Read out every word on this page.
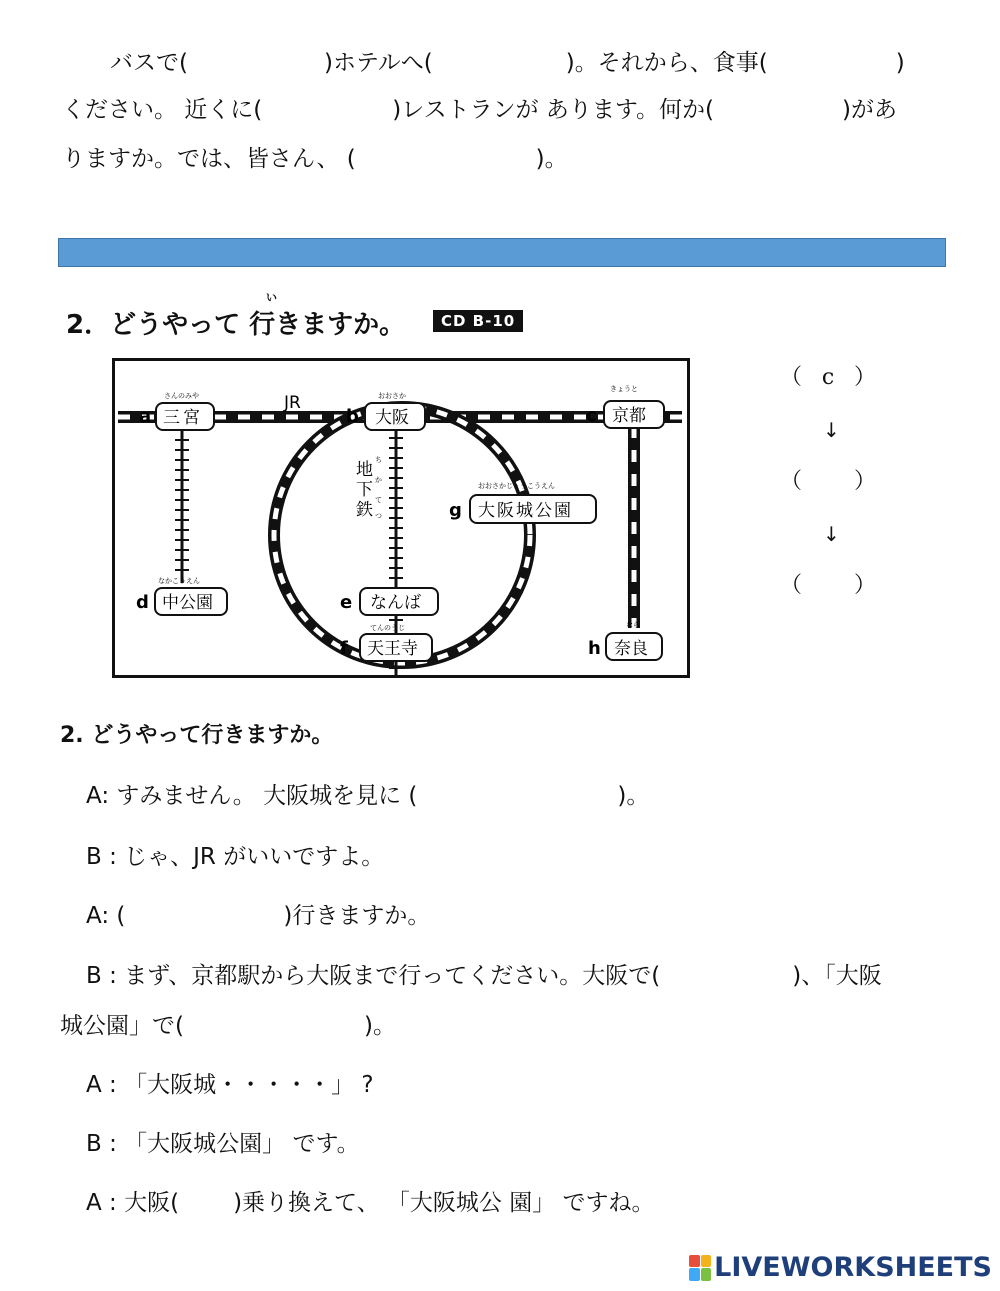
バスで(	)ホテルへ(	)。それから、食事(	)
ください。 近くに(	)レストランが あります。何か(	)があ
りますか。では、皆さん、 (	)。
い
2．どうやって 行きますか。	CD B-10
JR
地
下
鉄
ち
か
て
つ
a 三宮
さんのみや
b 大阪
おおさか
c 京都
きょうと
d 中公園
なかこうえん
e なんば
f 天王寺
てんのうじ
g 大阪城公園
おおさかじょうこうえん
h 奈良
なら
（ c ）
↓
（ ）
↓
（ ）
2. どうやって行きますか。
A: すみません。 大阪城を見に (	)。
B : じゃ、JR がいいですよ。
A: (	)行きますか。
B : まず、京都駅から大阪まで行ってください。大阪で(	)、「大阪
城公園」で(	)。
A : 「大阪城・・・・・」 ?
B : 「大阪城公園」 です。
A : 大阪( )乗り換えて、 「大阪城公 園」 ですね。
LIVEWORKSHEETS
